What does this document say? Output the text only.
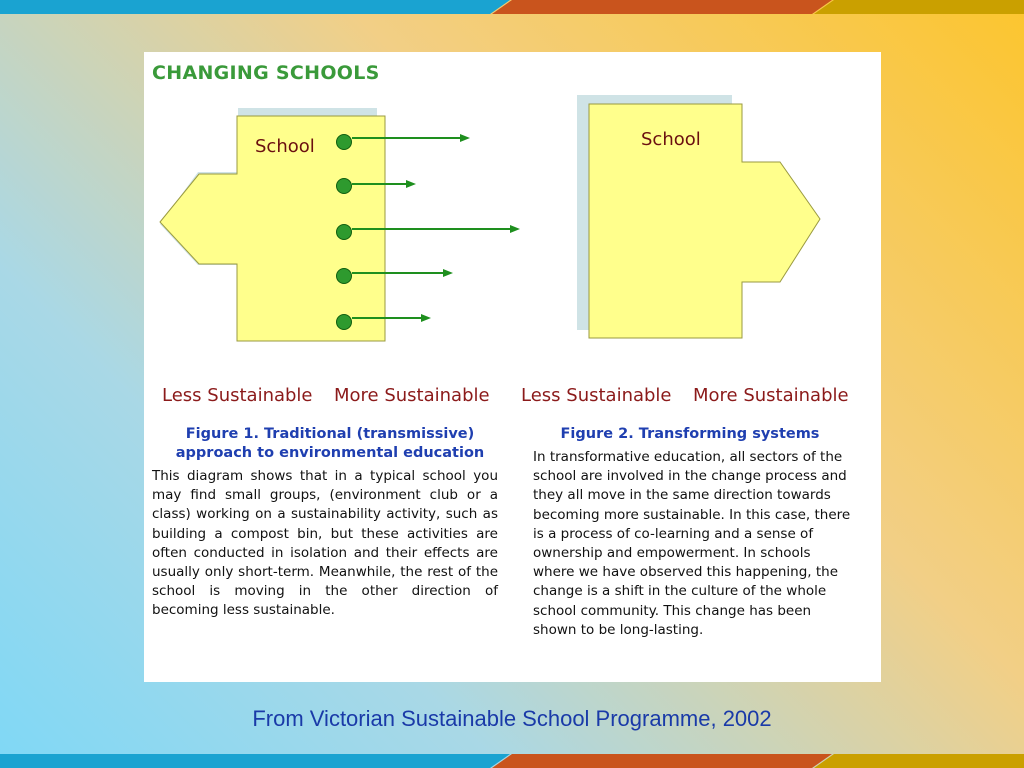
CHANGING SCHOOLS
School	School
Less Sustainable More Sustainable Less Sustainable More Sustainable
Figure 1. Traditional (transmissive)
approach to environmental education
Figure 2. Transforming systems

This diagram shows that in a typical school you may find small groups, (environment club or a class) working on a sustainability activity, such as building a compost bin, but these activities are often conducted in isolation and their effects are usually only short-term. Meanwhile, the rest of the school is moving in the other direction of becoming less sustainable.

In transformative education, all sectors of the school are involved in the change process and they all move in the same direction towards becoming more sustainable. In this case, there is a process of co-learning and a sense of ownership and empowerment. In schools where we have observed this happening, the change is a shift in the culture of the whole school community. This change has been shown to be long-lasting.

From Victorian Sustainable School Programme, 2002
